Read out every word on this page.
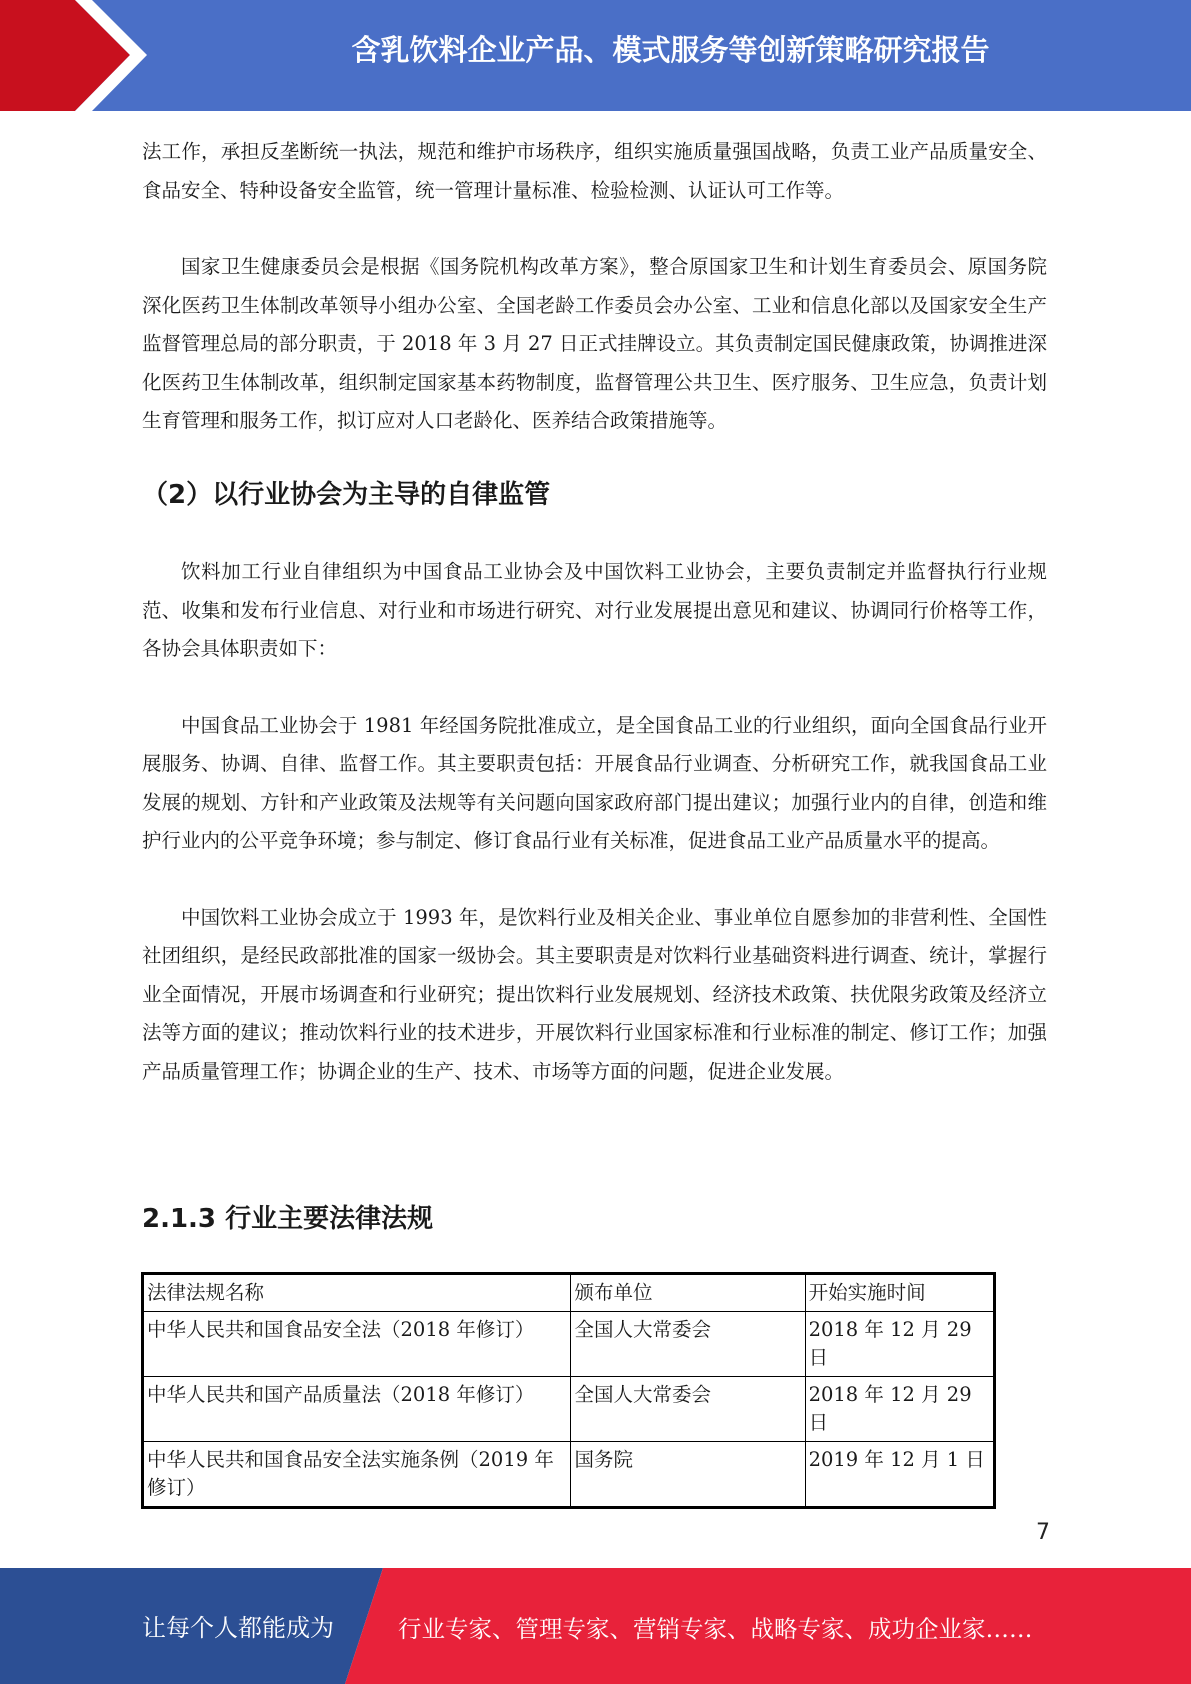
含乳饮料企业产品、模式服务等创新策略研究报告

法工作，承担反垄断统一执法，规范和维护市场秩序，组织实施质量强国战略，负责工业产品质量安全、食品安全、特种设备安全监管，统一管理计量标准、检验检测、认证认可工作等。

国家卫生健康委员会是根据《国务院机构改革方案》，整合原国家卫生和计划生育委员会、原国务院深化医药卫生体制改革领导小组办公室、全国老龄工作委员会办公室、工业和信息化部以及国家安全生产监督管理总局的部分职责，于 2018 年 3 月 27 日正式挂牌设立。其负责制定国民健康政策，协调推进深化医药卫生体制改革，组织制定国家基本药物制度，监督管理公共卫生、医疗服务、卫生应急，负责计划生育管理和服务工作，拟订应对人口老龄化、医养结合政策措施等。

（2）以行业协会为主导的自律监管

饮料加工行业自律组织为中国食品工业协会及中国饮料工业协会，主要负责制定并监督执行行业规范、收集和发布行业信息、对行业和市场进行研究、对行业发展提出意见和建议、协调同行价格等工作，各协会具体职责如下：

中国食品工业协会于 1981 年经国务院批准成立，是全国食品工业的行业组织，面向全国食品行业开展服务、协调、自律、监督工作。其主要职责包括：开展食品行业调查、分析研究工作，就我国食品工业发展的规划、方针和产业政策及法规等有关问题向国家政府部门提出建议；加强行业内的自律，创造和维护行业内的公平竞争环境；参与制定、修订食品行业有关标准，促进食品工业产品质量水平的提高。

中国饮料工业协会成立于 1993 年，是饮料行业及相关企业、事业单位自愿参加的非营利性、全国性社团组织，是经民政部批准的国家一级协会。其主要职责是对饮料行业基础资料进行调查、统计，掌握行业全面情况，开展市场调查和行业研究；提出饮料行业发展规划、经济技术政策、扶优限劣政策及经济立法等方面的建议；推动饮料行业的技术进步，开展饮料行业国家标准和行业标准的制定、修订工作；加强产品质量管理工作；协调企业的生产、技术、市场等方面的问题，促进企业发展。

2.1.3 行业主要法律法规
法律法规名称	颁布单位	开始实施时间
中华人民共和国食品安全法（2018 年修订）	全国人大常委会	2018 年 12 月 29 日
中华人民共和国产品质量法（2018 年修订）	全国人大常委会	2018 年 12 月 29 日
中华人民共和国食品安全法实施条例（2019 年修订）	国务院	2019 年 12 月 1 日
7
让每个人都能成为	行业专家、管理专家、营销专家、战略专家、成功企业家……
